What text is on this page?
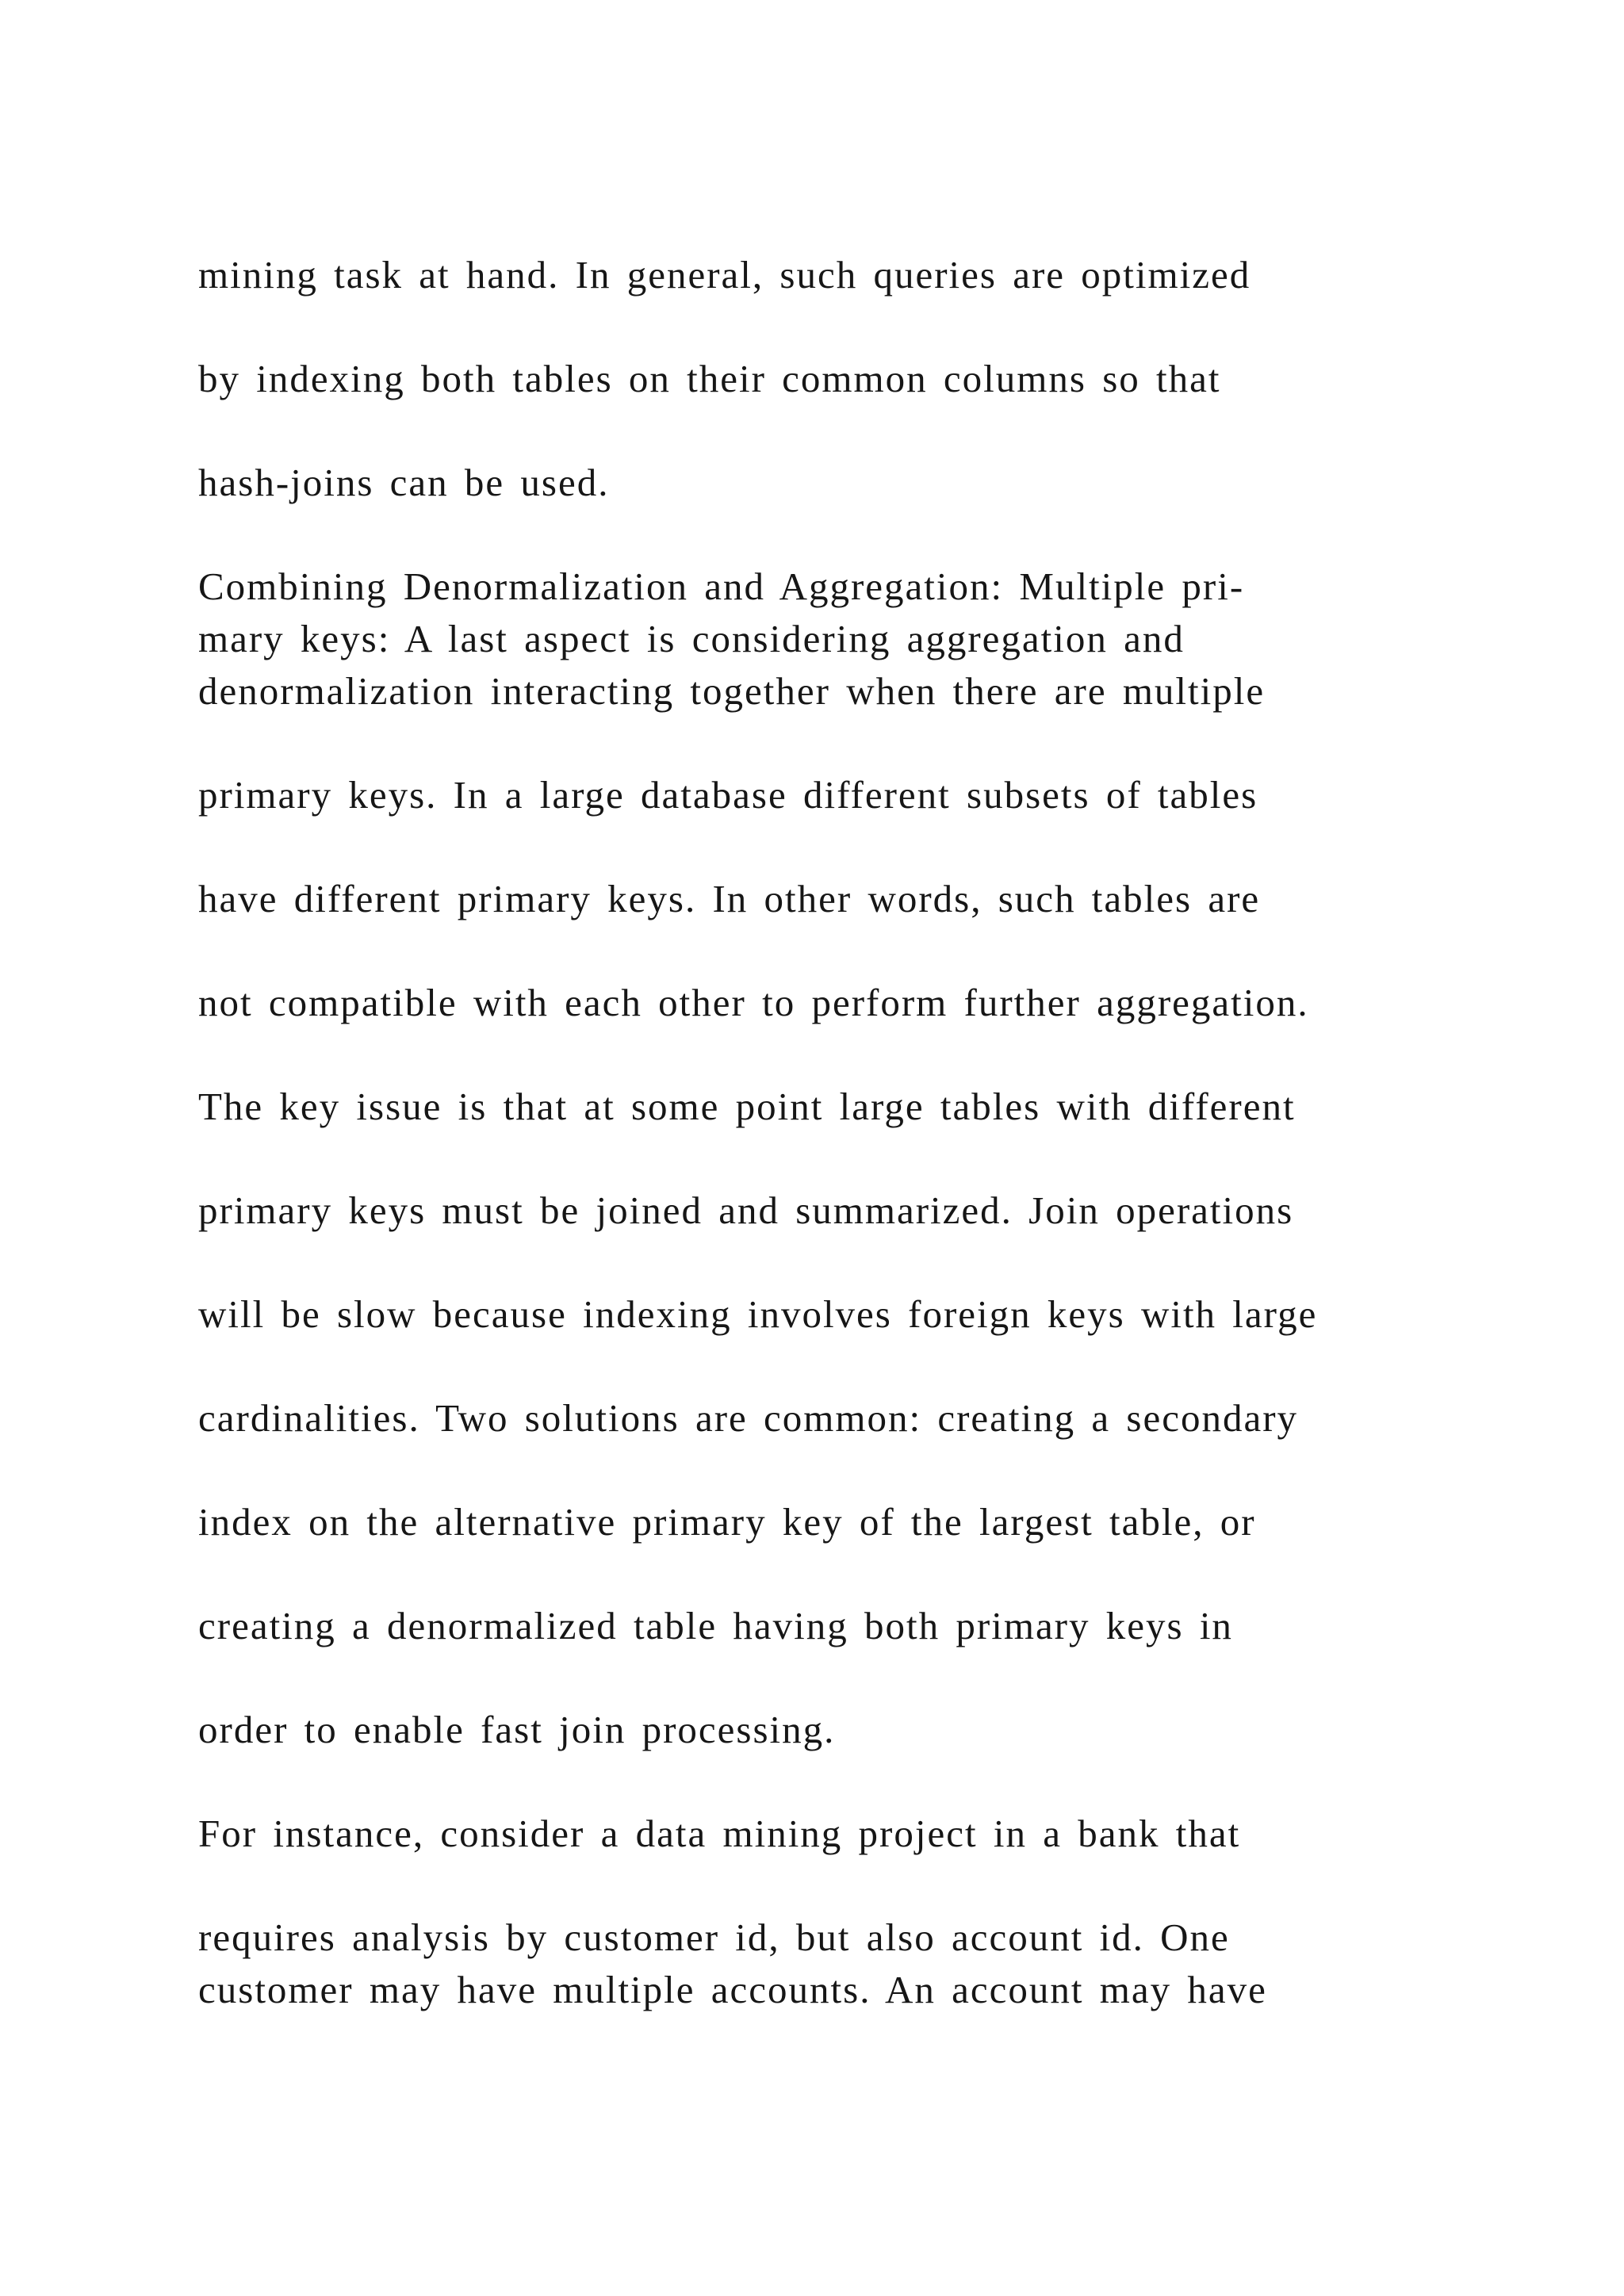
mining task at hand. In general, such queries are optimized

by indexing both tables on their common columns so that

hash-joins can be used.

Combining Denormalization and Aggregation: Multiple pri-

mary keys: A last aspect is considering aggregation and

denormalization interacting together when there are multiple

primary keys. In a large database different subsets of tables

have different primary keys. In other words, such tables are

not compatible with each other to perform further aggregation.

The key issue is that at some point large tables with different

primary keys must be joined and summarized. Join operations

will be slow because indexing involves foreign keys with large

cardinalities. Two solutions are common: creating a secondary

index on the alternative primary key of the largest table, or

creating a denormalized table having both primary keys in

order to enable fast join processing.

For instance, consider a data mining project in a bank that

requires analysis by customer id, but also account id. One

customer may have multiple accounts. An account may have
